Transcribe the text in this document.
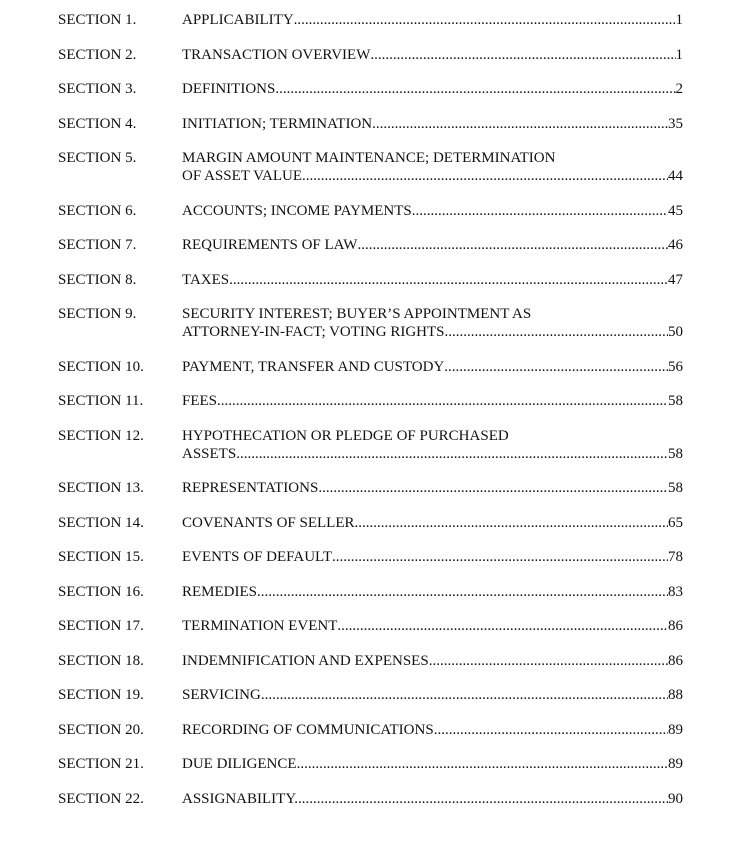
SECTION 1.	APPLICABILITY .....	1
SECTION 2.	TRANSACTION OVERVIEW .....	1
SECTION 3.	DEFINITIONS .....	2
SECTION 4.	INITIATION; TERMINATION .....	35
SECTION 5.	MARGIN AMOUNT MAINTENANCE; DETERMINATION
OF ASSET VALUE .....	44
SECTION 6.	ACCOUNTS; INCOME PAYMENTS .....	45
SECTION 7.	REQUIREMENTS OF LAW .....	46
SECTION 8.	TAXES. .....	47
SECTION 9.	SECURITY INTEREST; BUYER’S APPOINTMENT AS
ATTORNEY-IN-FACT; VOTING RIGHTS. .....	50
SECTION 10.	PAYMENT, TRANSFER AND CUSTODY .....	56
SECTION 11.	FEES .....	58
SECTION 12.	HYPOTHECATION OR PLEDGE OF PURCHASED
ASSETS .....	58
SECTION 13.	REPRESENTATIONS .....	58
SECTION 14.	COVENANTS OF SELLER .....	65
SECTION 15.	EVENTS OF DEFAULT .....	78
SECTION 16.	REMEDIES .....	83
SECTION 17.	TERMINATION EVENT .....	86
SECTION 18.	INDEMNIFICATION AND EXPENSES .....	86
SECTION 19.	SERVICING .....	88
SECTION 20.	RECORDING OF COMMUNICATIONS .....	89
SECTION 21.	DUE DILIGENCE .....	89
SECTION 22.	ASSIGNABILITY. .....	90
